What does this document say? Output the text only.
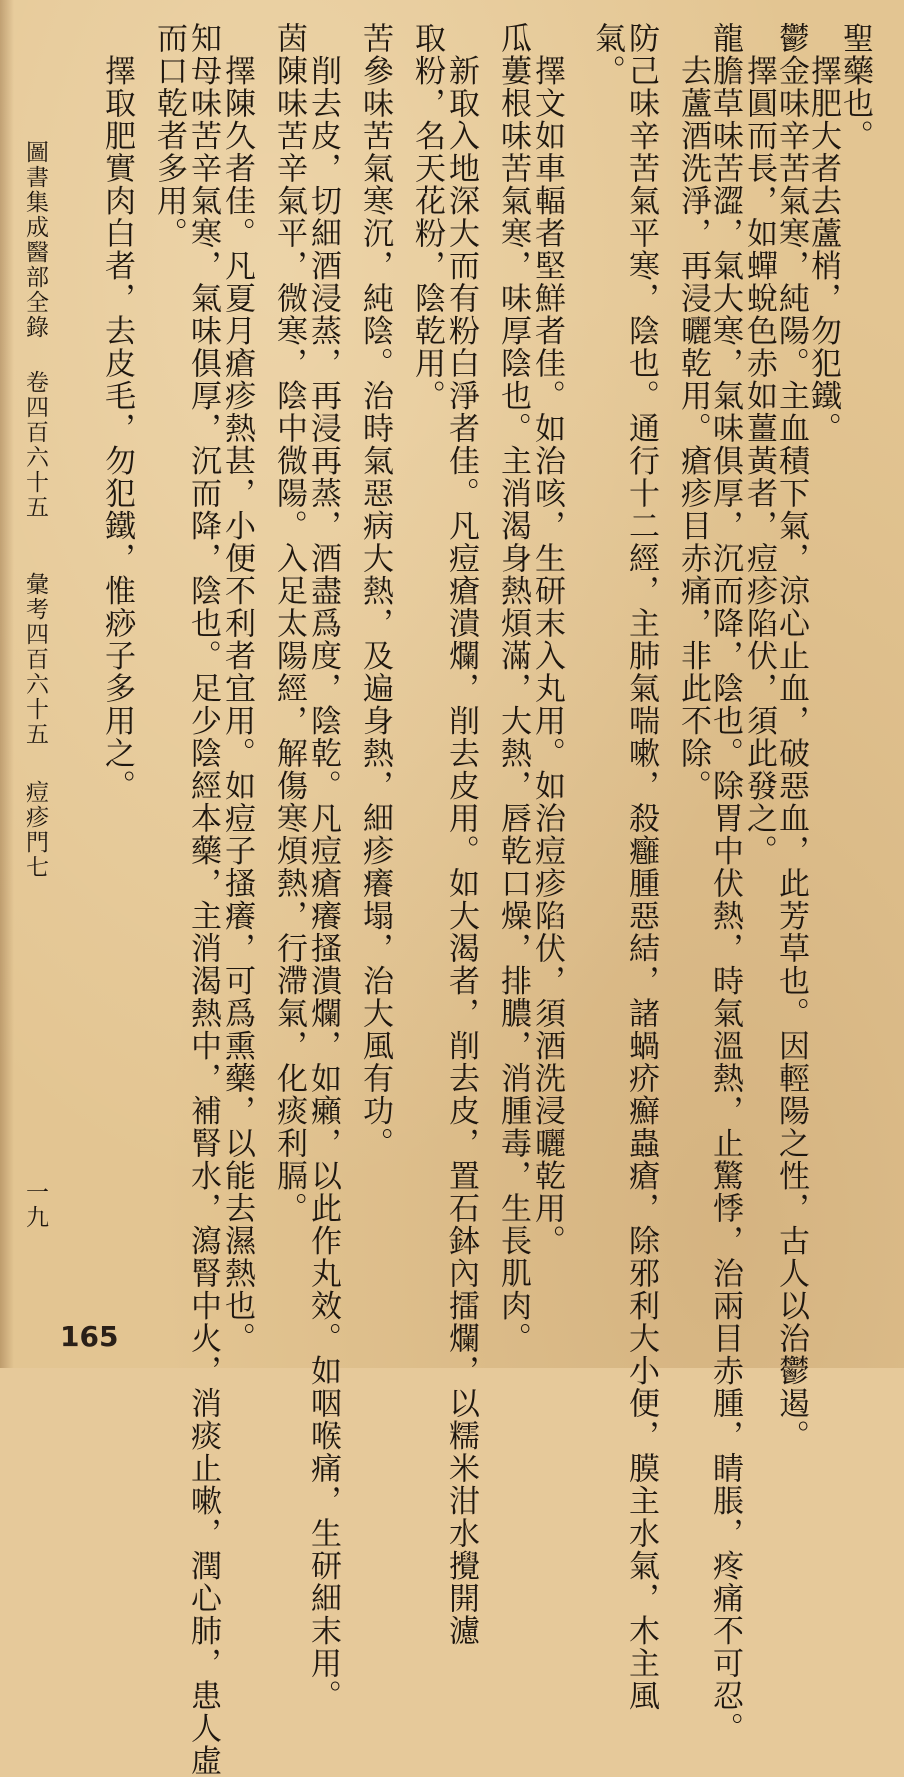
聖藥也。
　擇肥大者去蘆梢，勿犯鐵。
鬱金味辛苦氣寒，純陽。主血積下氣，涼心止血，破惡血，此芳草也。因輕陽之性，古人以治鬱遏。
　擇圓而長，如蟬蛻色赤如薑黃者，痘疹陷伏，須此發之。
龍膽草味苦澀，氣大寒，氣味俱厚，沉而降，陰也。除胃中伏熱，時氣溫熱，止驚悸，治兩目赤腫，睛脹，疼痛不可忍。
　去蘆酒洗淨，再浸曬乾用。瘡疹目赤痛，非此不除。
防己味辛苦氣平寒，陰也。通行十二經，主肺氣喘嗽，殺癰腫惡結，諸蝸疥癬蟲瘡，除邪利大小便，膜主水氣，木主風
氣。
　擇文如車輻者堅鮮者佳。如治咳，生研末入丸用。如治痘疹陷伏，須酒洗浸曬乾用。
瓜蔞根味苦氣寒，味厚陰也。主消渴身熱煩滿，大熱，唇乾口燥，排膿，消腫毒，生長肌肉。
　新取入地深大而有粉白淨者佳。凡痘瘡潰爛，削去皮用。如大渴者，削去皮，置石鉢內擂爛，以糯米泔水攪開濾
取粉，名天花粉，陰乾用。
苦參味苦氣寒沉，純陰。治時氣惡病大熱，及遍身熱，細疹癢塌，治大風有功。
　削去皮，切細酒浸蒸，再浸再蒸，酒盡爲度，陰乾。凡痘瘡癢搔潰爛，如癩，以此作丸效。如咽喉痛，生研細末用。
茵陳味苦辛氣平，微寒，陰中微陽。入足太陽經，解傷寒煩熱，行滯氣，化痰利膈。
　擇陳久者佳。凡夏月瘡疹熱甚，小便不利者宜用。如痘子搔癢，可爲熏藥，以能去濕熱也。
知母味苦辛氣寒，氣味俱厚，沉而降，陰也。足少陰經本藥，主消渴熱中，補腎水，瀉腎中火，消痰止嗽，潤心肺，患人虛
而口乾者多用。
　擇取肥實肉白者，去皮毛，勿犯鐵，惟痧子多用之。
圖書集成醫部全錄
卷四百六十五
彙考四百六十五
痘疹門七
一九
165
